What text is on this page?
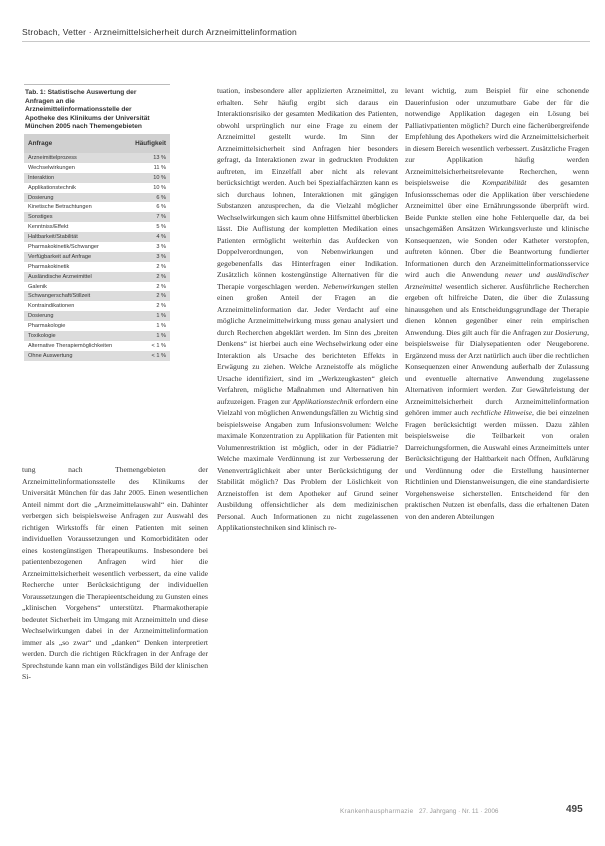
Strobach, Vetter · Arzneimittelsicherheit durch Arzneimittelinformation
Tab. 1: Statistische Auswertung der Anfragen an die Arzneimittelinformationsstelle der Apotheke des Klinikums der Universität München 2005 nach Themengebieten
Anfrage	Häufigkeit
Arzneimittelprozess	13 %
Wechselwirkungen	11 %
Interaktion	10 %
Applikationstechnik	10 %
Dosierung	6 %
Kinetische Betrachtungen	6 %
Sonstiges	7 %
Kenntniss/Effekt	5 %
Haltbarkeit/Stabilität	4 %
Pharmakokinetik/Schwanger	3 %
Verfügbarkeit auf Anfrage	3 %
Pharmakokinetik	2 %
Ausländische Arzneimittel	2 %
Galenik	2 %
Schwangerschaft/Stillzeit	2 %
Kontraindikationen	2 %
Dosierung	1 %
Pharmakologie	1 %
Toxikologie	1 %
Alternative Therapiemöglichkeiten	< 1 %
Ohne Auswertung	< 1 %

tung nach Themengebieten der Arzneimittelinformationsstelle des Klinikums der Universität München für das Jahr 2005. Einen wesentlichen Anteil nimmt dort die „Arzneimittelauswahl“ ein. Dahinter verbergen sich beispielsweise Anfragen zur Auswahl des richtigen Wirkstoffs für einen Patienten mit seinen individuellen Voraussetzungen und Komorbiditäten oder eines kostengünstigen Therapeutikums. Insbesondere bei patientenbezogenen Anfragen wird hier die Arzneimittelsicherheit wesentlich verbessert, da eine valide Recherche unter Berücksichtigung der individuellen Voraussetzungen die Therapieentscheidung zu Gunsten eines „klinischen Vorgehens“ unterstützt. Pharmakotherapie bedeutet Sicherheit im Umgang mit Arzneimitteln und diese Wechselwirkungen dabei in der Arzneimittelinformation immer als „so zwar“ und „danken“ Denken interpretiert werden. Durch die richtigen Rückfragen in der Anfrage der Sprechstunde kann man ein vollständiges Bild der klinischen Si-

tuation, insbesondere aller applizierten Arzneimittel, zu erhalten. Sehr häufig ergibt sich daraus ein Interaktionsrisiko der gesamten Medikation des Patienten, obwohl ursprünglich nur eine Frage zu einem der Arzneimittel gestellt wurde. Im Sinn der Arzneimittelsicherheit sind Anfragen hier besonders gefragt, da Interaktionen zwar in gedruckten Produkten auftreten, im Einzelfall aber nicht als relevant berücksichtigt werden. Auch bei Spezialfachärzten kann es sich durchaus lohnen, Interaktionen mit gängigen Substanzen anzusprechen, da die Vielzahl möglicher Wechselwirkungen sich kaum ohne Hilfsmittel überblicken lässt. Die Auflistung der kompletten Medikation eines Patienten ermöglicht weiterhin das Aufdecken von Doppelverordnungen, von Nebenwirkungen und gegebenenfalls das Hinterfragen einer Indikation. Zusätzlich können kostengünstige Alternativen für die Therapie vorgeschlagen werden. Nebenwirkungen stellen einen großen Anteil der Fragen an die Arzneimittelinformation dar. Jeder Verdacht auf eine mögliche Arzneimittelwirkung muss genau analysiert und durch Recherchen abgeklärt werden. Im Sinn des „breiten Denkens“ ist hierbei auch eine Wechselwirkung oder eine Interaktion als Ursache des berichteten Effekts in Erwägung zu ziehen. Welche Arzneistoffe als mögliche Ursache identifiziert, sind im „Werkzeugkasten“ gleich Verfahren, mögliche Maßnahmen und Alternativen hin aufzuzeigen. Fragen zur Applikationstechnik erfordern eine Vielzahl von möglichen Anwendungsfällen zu Wichtig sind beispielsweise Angaben zum Infusionsvolumen: Welche maximale Konzentration zu Applikation für Patienten mit Volumenrestriktion ist möglich, oder in der Pädiatrie? Welche maximale Verdünnung ist zur Verbesserung der Venenverträglichkeit aber unter Berücksichtigung der Stabilität möglich? Das Problem der Löslichkeit von Arzneistoffen ist dem Apotheker auf Grund seiner Ausbildung offensichtlicher als dem medizinischen Personal. Auch Informationen zu nicht zugelassenen Applikationstechniken sind klinisch re-

levant wichtig, zum Beispiel für eine schonende Dauerinfusion oder unzumutbare Gabe der für die notwendige Applikation dagegen ein Lösung bei Palliativpatienten möglich? Durch eine fächerübergreifende Empfehlung des Apothekers wird die Arzneimittelsicherheit in diesem Bereich wesentlich verbessert. Zusätzliche Fragen zur Applikation häufig werden Arzneimittelsicherheitsrelevante Recherchen, wenn beispielsweise die Kompatibilität des gesamten Infusionsschemas oder die Applikation über verschiedene Arzneimittel über eine Ernährungssonde überprüft wird. Beide Punkte stellen eine hohe Fehlerquelle dar, da bei unsachgemäßen Ansätzen Wirkungsverluste und klinische Konsequenzen, wie Sonden oder Katheter verstopfen, auftreten können. Über die Beantwortung fundierter Informationen durch den Arzneimittelinformationsservice wird auch die Anwendung neuer und ausländischer Arzneimittel wesentlich sicherer. Ausführliche Recherchen ergeben oft hilfreiche Daten, die über die Zulassung hinausgehen und als Entscheidungsgrundlage der Therapie dienen können gegenüber einer rein empirischen Anwendung. Dies gilt auch für die Anfragen zur Dosierung, beispielsweise für Dialysepatienten oder Neugeborene. Ergänzend muss der Arzt natürlich auch über die rechtlichen Konsequenzen einer Anwendung außerhalb der Zulassung und eventuelle alternative Anwendung zugelassene Alternativen informiert werden. Zur Gewährleistung der Arzneimittelsicherheit durch Arzneimittelinformation gehören immer auch rechtliche Hinweise, die bei einzelnen Fragen berücksichtigt werden müssen. Dazu zählen beispielsweise die Teilbarkeit von oralen Darreichungsformen, die Auswahl eines Arzneimittels unter Berücksichtigung der Haltbarkeit nach Öffnen, Aufklärung und Verdünnung oder die Erstellung hausinterner Richtlinien und Dienstanweisungen, die eine standardisierte Vorgehensweise sicherstellen. Entscheidend für den praktischen Nutzen ist ebenfalls, dass die erhaltenen Daten von den anderen Abteilungen

Krankenhauspharmazie 27. Jahrgang · Nr. 11 · 2006	495
